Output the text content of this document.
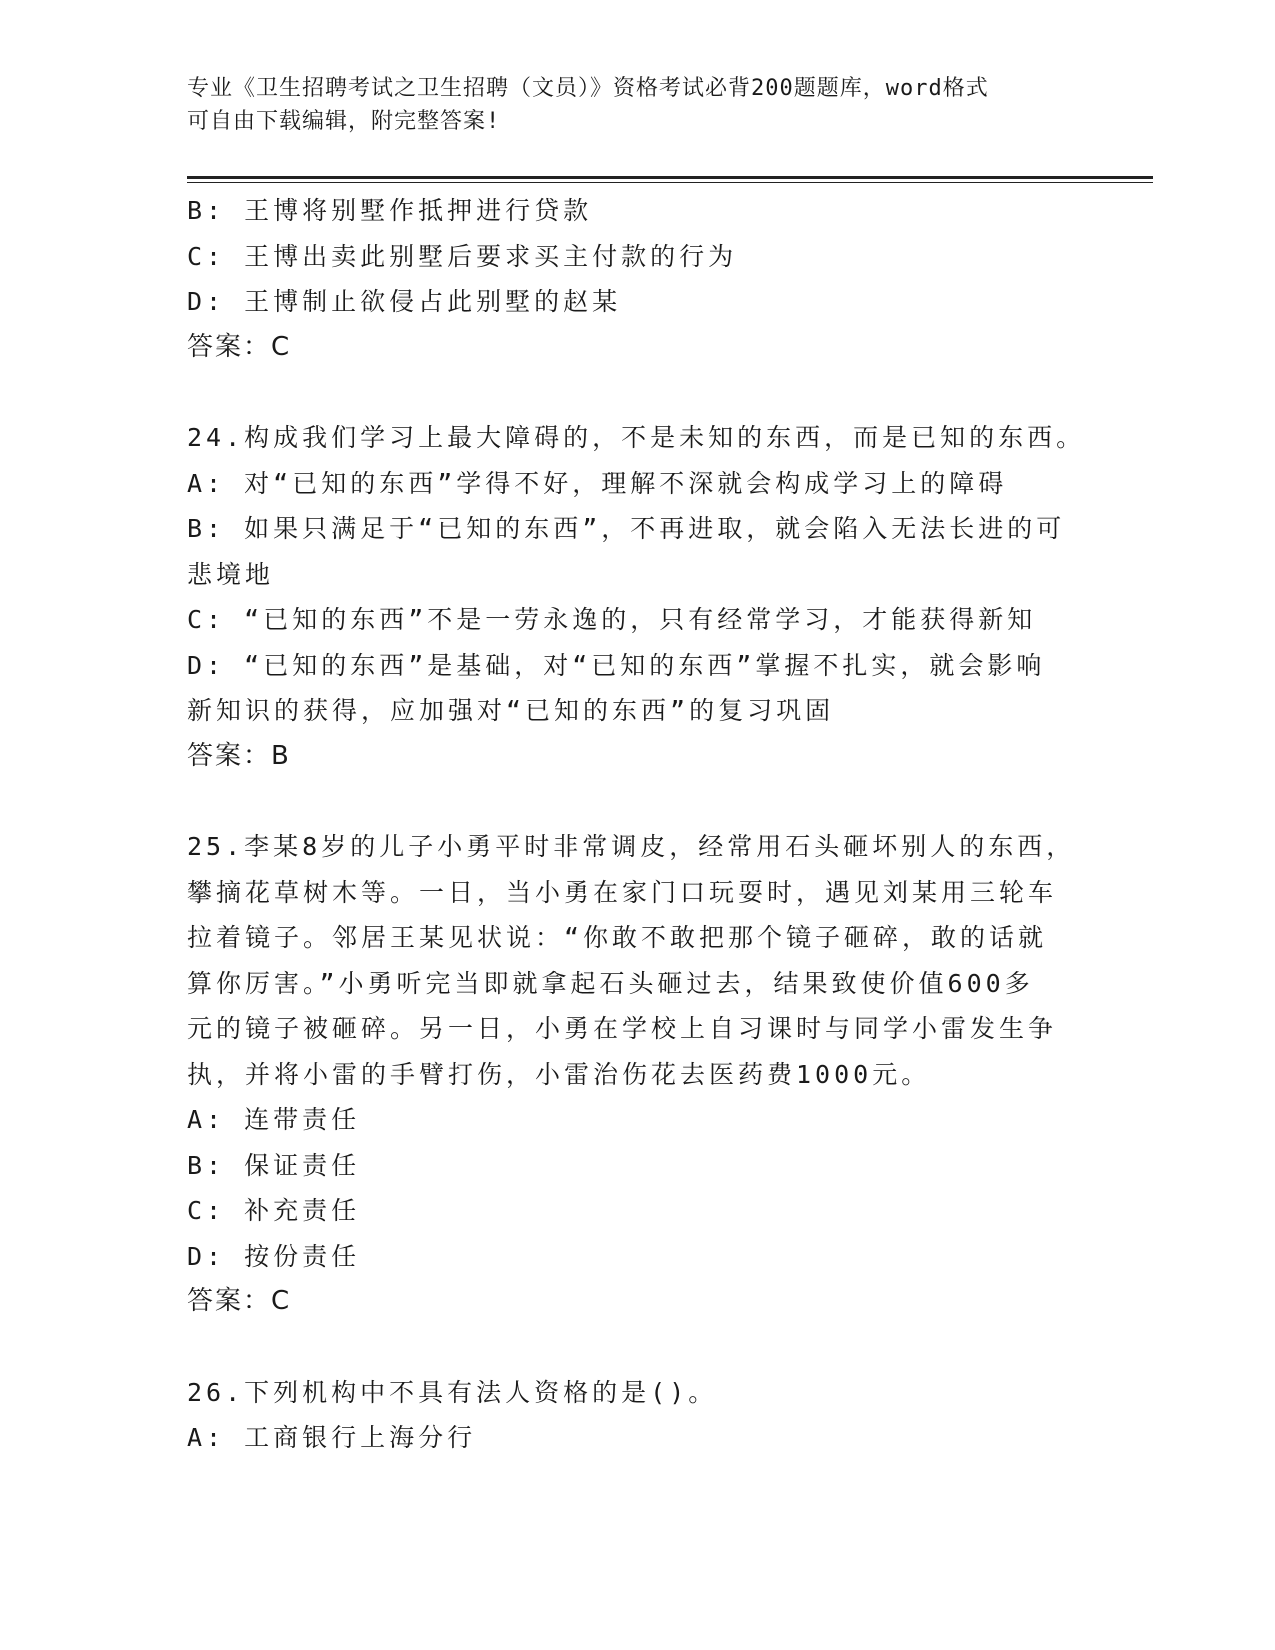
专业《卫生招聘考试之卫生招聘（文员）》资格考试必背200题题库，word格式
可自由下载编辑，附完整答案!
B: 王博将别墅作抵押进行贷款
C: 王博出卖此别墅后要求买主付款的行为
D: 王博制止欲侵占此别墅的赵某
答案：C
24.构成我们学习上最大障碍的，不是未知的东西，而是已知的东西。
A: 对“已知的东西”学得不好，理解不深就会构成学习上的障碍
B: 如果只满足于“已知的东西”，不再进取，就会陷入无法长进的可
悲境地
C: “已知的东西”不是一劳永逸的，只有经常学习，才能获得新知
D: “已知的东西”是基础，对“已知的东西”掌握不扎实，就会影响
新知识的获得，应加强对“已知的东西”的复习巩固
答案：B
25.李某8岁的儿子小勇平时非常调皮，经常用石头砸坏别人的东西，
攀摘花草树木等。一日，当小勇在家门口玩耍时，遇见刘某用三轮车
拉着镜子。邻居王某见状说：“你敢不敢把那个镜子砸碎，敢的话就
算你厉害。”小勇听完当即就拿起石头砸过去，结果致使价值600多
元的镜子被砸碎。另一日，小勇在学校上自习课时与同学小雷发生争
执，并将小雷的手臂打伤，小雷治伤花去医药费1000元。
A: 连带责任
B: 保证责任
C: 补充责任
D: 按份责任
答案：C
26.下列机构中不具有法人资格的是()。
A: 工商银行上海分行
